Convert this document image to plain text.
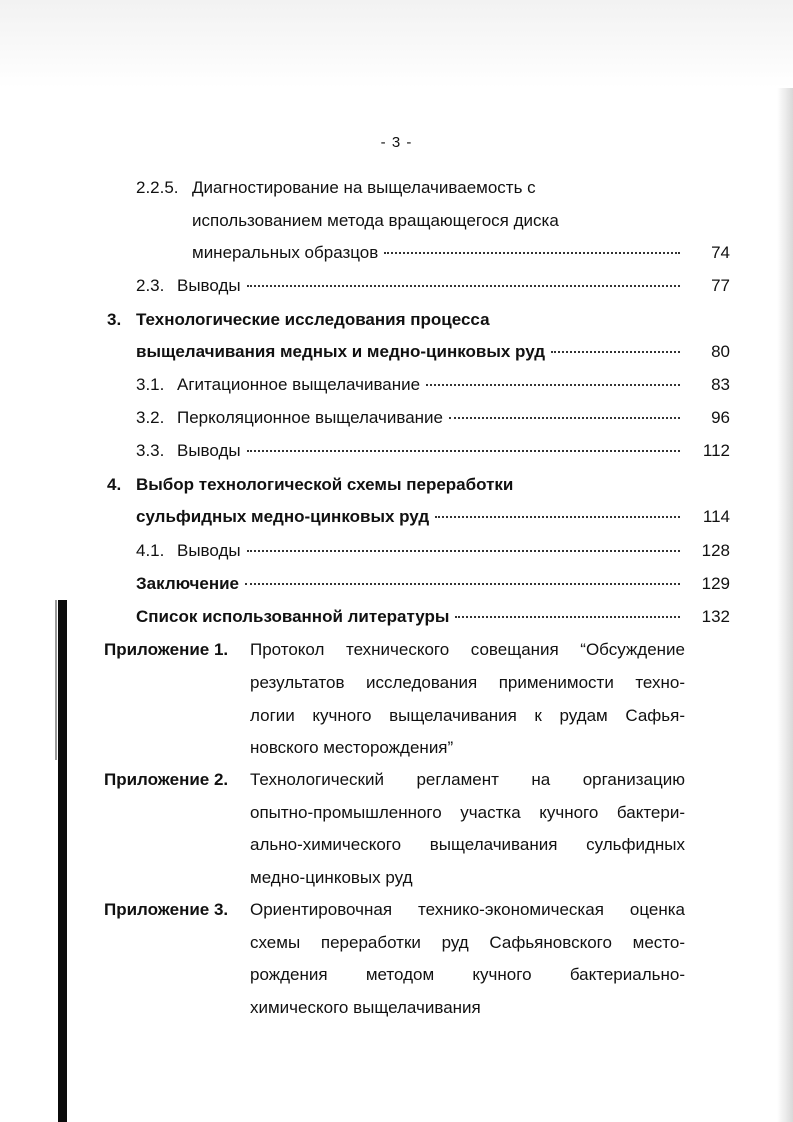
- 3 -
2.2.5. Диагностирование на выщелачиваемость с
использованием метода вращающегося диска
минеральных образцов	74
2.3. Выводы	77
3. Технологические исследования процесса
выщелачивания медных и медно-цинковых руд	80
3.1. Агитационное выщелачивание	83
3.2. Перколяционное выщелачивание	96
3.3. Выводы	112
4. Выбор технологической схемы переработки
сульфидных медно-цинковых руд	114
4.1. Выводы	128
Заключение	129
Список использованной литературы	132
Приложение 1. Протокол технического совещания “Обсуждение
результатов исследования применимости техно-
логии кучного выщелачивания к рудам Сафья-
новского месторождения”
Приложение 2. Технологический регламент на организацию
опытно-промышленного участка кучного бактери-
ально-химического выщелачивания сульфидных
медно-цинковых руд
Приложение 3. Ориентировочная технико-экономическая оценка
схемы переработки руд Сафьяновского место-
рождения методом кучного бактериально-
химического выщелачивания
